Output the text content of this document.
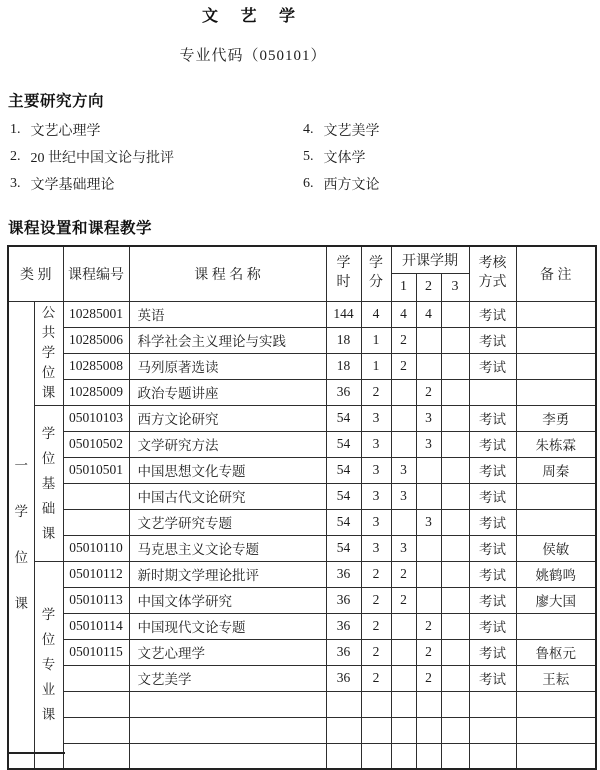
文 艺 学
专业代码（050101）
主要研究方向
1. 文艺心理学	4. 文艺美学
2. 20 世纪中国文论与批评	5. 文体学
3. 文学基础理论	6. 西方文论
课程设置和课程教学
类 别		课程编号	课 程 名 称	学时	学分	开课学期			考核方式	备 注
						1	2	3		

一学位课	公共学位课	10285001	英语	144	4	4	4		考试	
		10285006	科学社会主义理论与实践	18	1	2			考试	
		10285008	马列原著选读	18	1	2			考试	
		10285009	政治专题讲座	36	2		2			

	学位基础课	05010103	西方文论研究	54	3		3		考试	李勇
		05010502	文学研究方法	54	3		3		考试	朱栋霖
		05010501	中国思想文化专题	54	3	3			考试	周秦
			中国古代文论研究	54	3	3			考试	
			文艺学研究专题	54	3		3		考试	
		05010110	马克思主义文论专题	54	3	3			考试	侯敏

	学位专业课	05010112	新时期文学理论批评	36	2	2			考试	姚鹤鸣
		05010113	中国文体学研究	36	2	2			考试	廖大国
		05010114	中国现代文论专题	36	2		2		考试	
		05010115	文艺心理学	36	2		2		考试	鲁枢元
			文艺美学	36	2		2		考试	王耘
